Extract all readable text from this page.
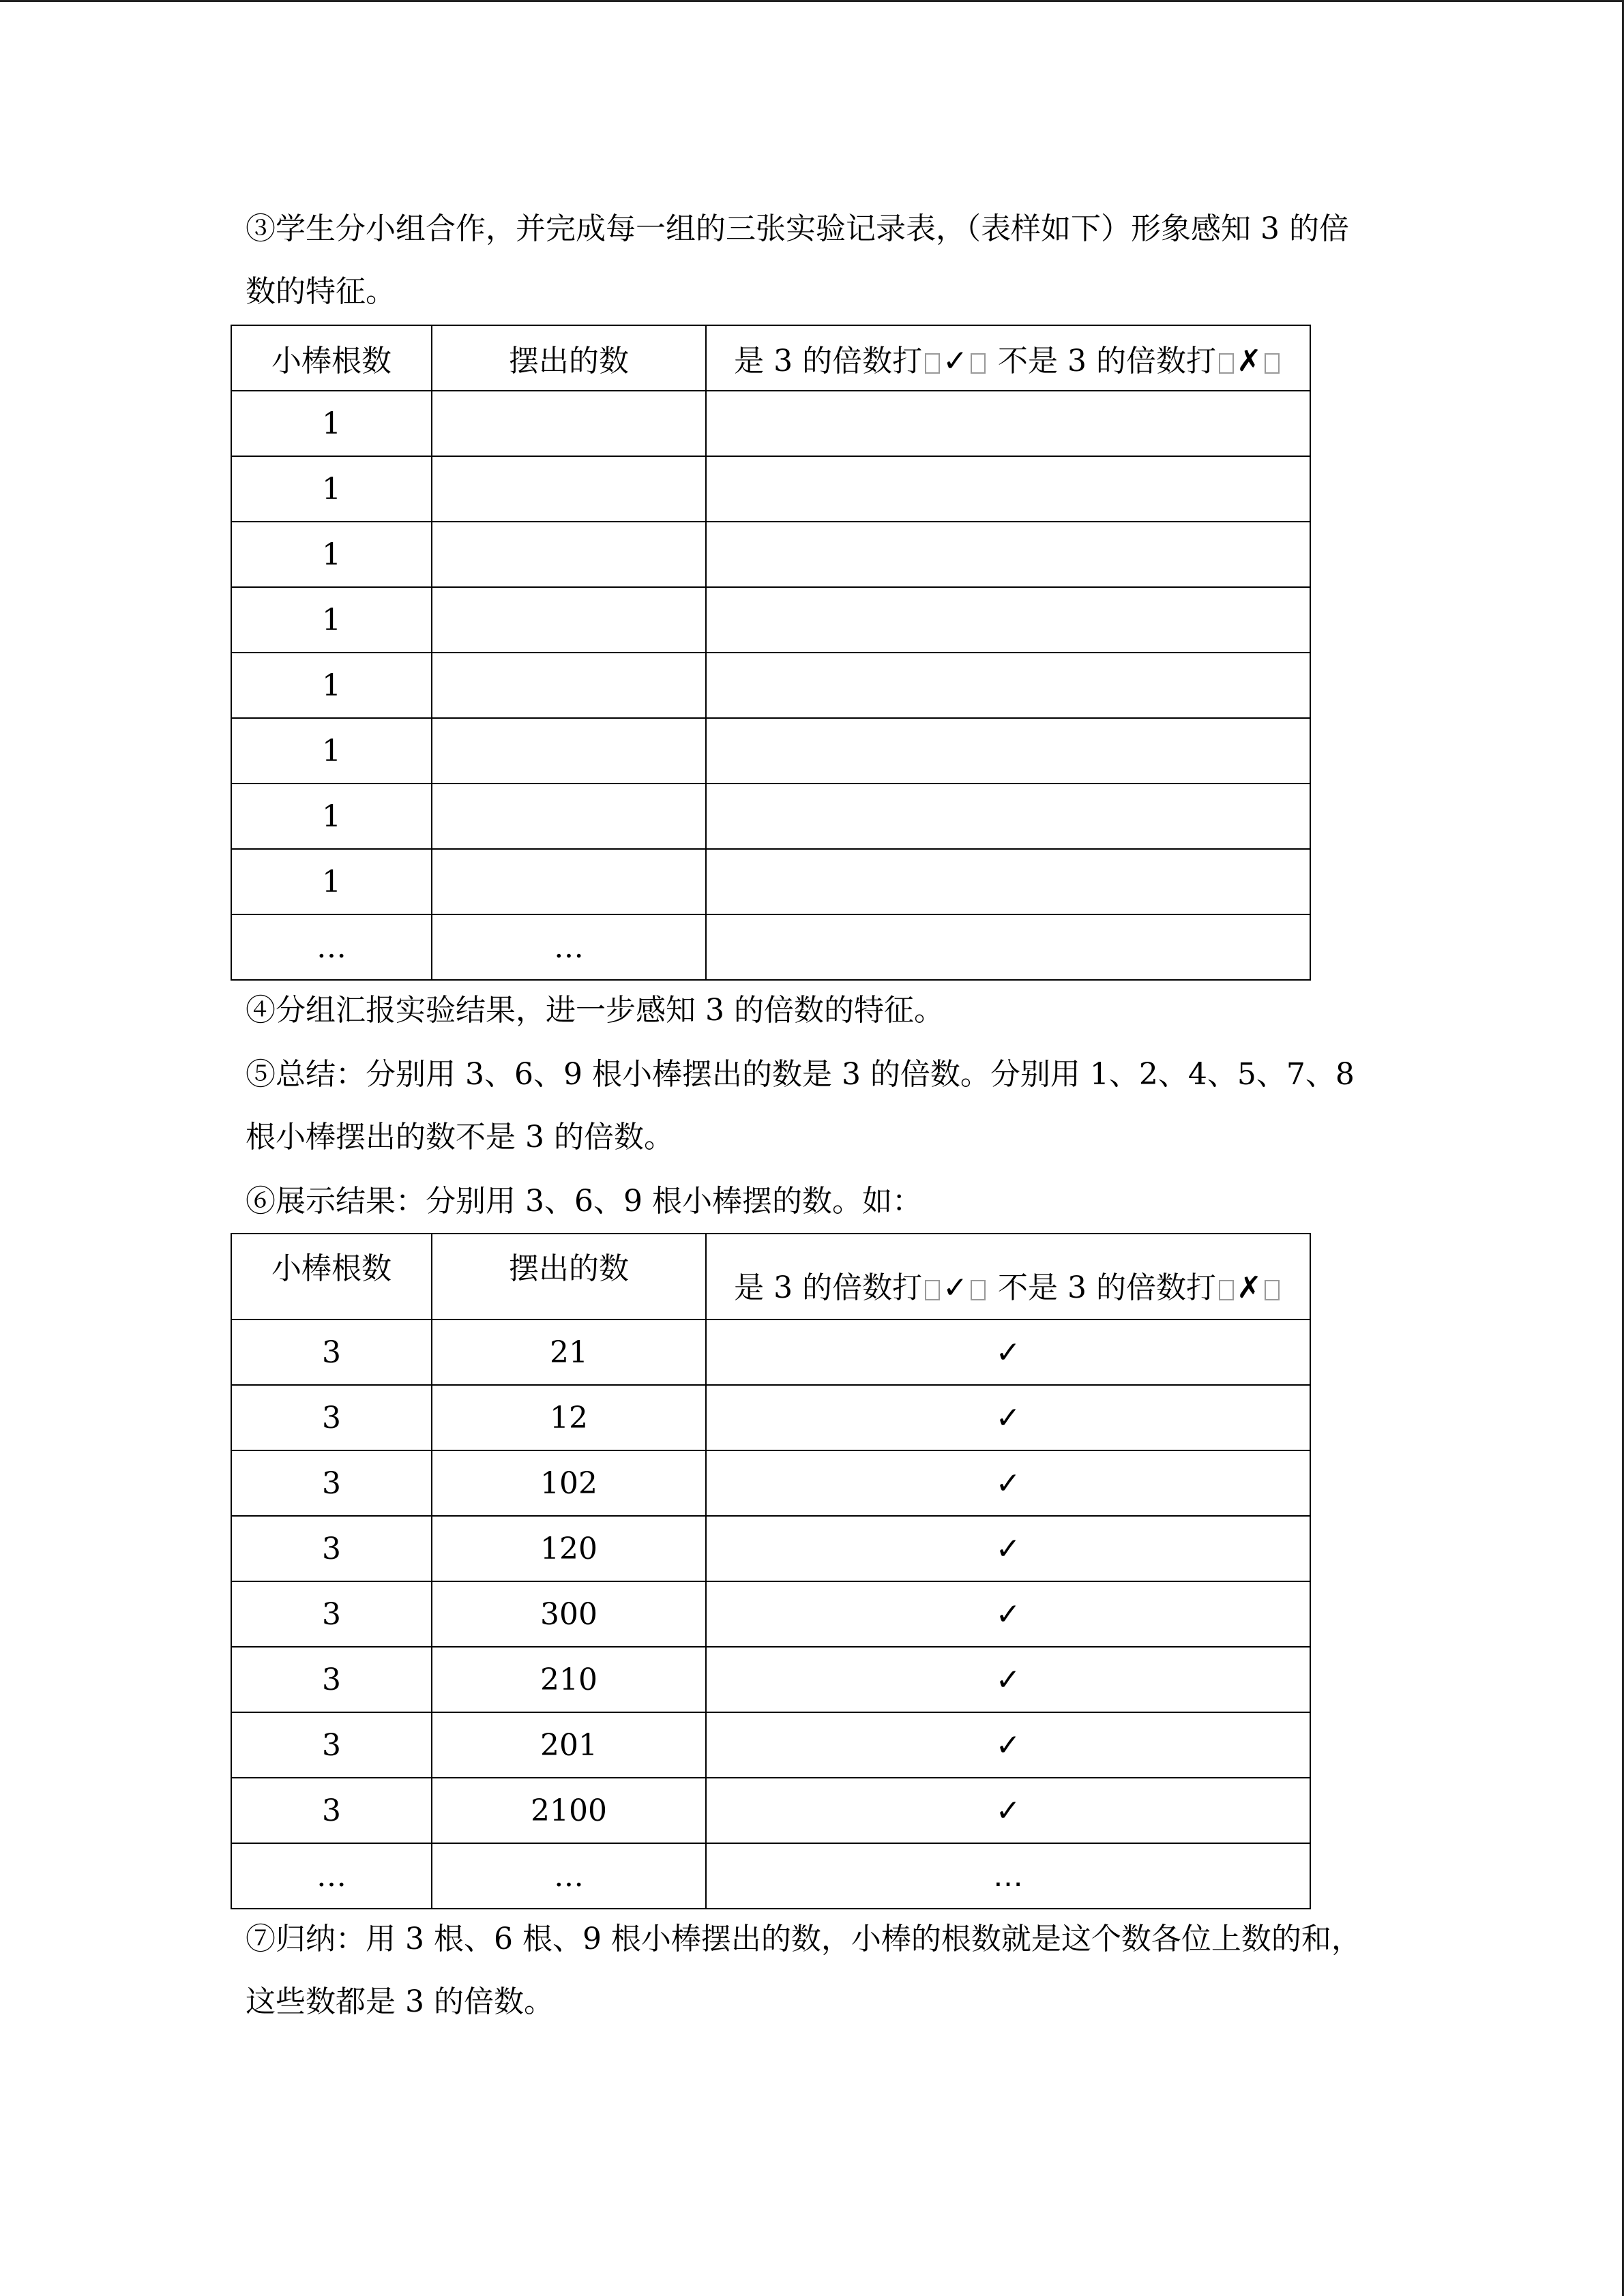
③学生分小组合作，并完成每一组的三张实验记录表，（表样如下）形象感知 3 的倍数的特征。

小棒根数	摆出的数	是 3 的倍数打 ✓ 不是 3 的倍数打 ✗
1		
1		
1		
1		
1		
1		
1		
1		
…	…	

④分组汇报实验结果，进一步感知 3 的倍数的特征。

⑤总结：分别用 3、6、9 根小棒摆出的数是 3 的倍数。分别用 1、2、4、5、7、8 根小棒摆出的数不是 3 的倍数。

⑥展示结果：分别用 3、6、9 根小棒摆的数。如：

小棒根数	摆出的数	是 3 的倍数打 ✓ 不是 3 的倍数打 ✗
3	21	✓
3	12	✓
3	102	✓
3	120	✓
3	300	✓
3	210	✓
3	201	✓
3	2100	✓
…	…	…

⑦归纳：用 3 根、6 根、9 根小棒摆出的数，小棒的根数就是这个数各位上数的和，这些数都是 3 的倍数。
